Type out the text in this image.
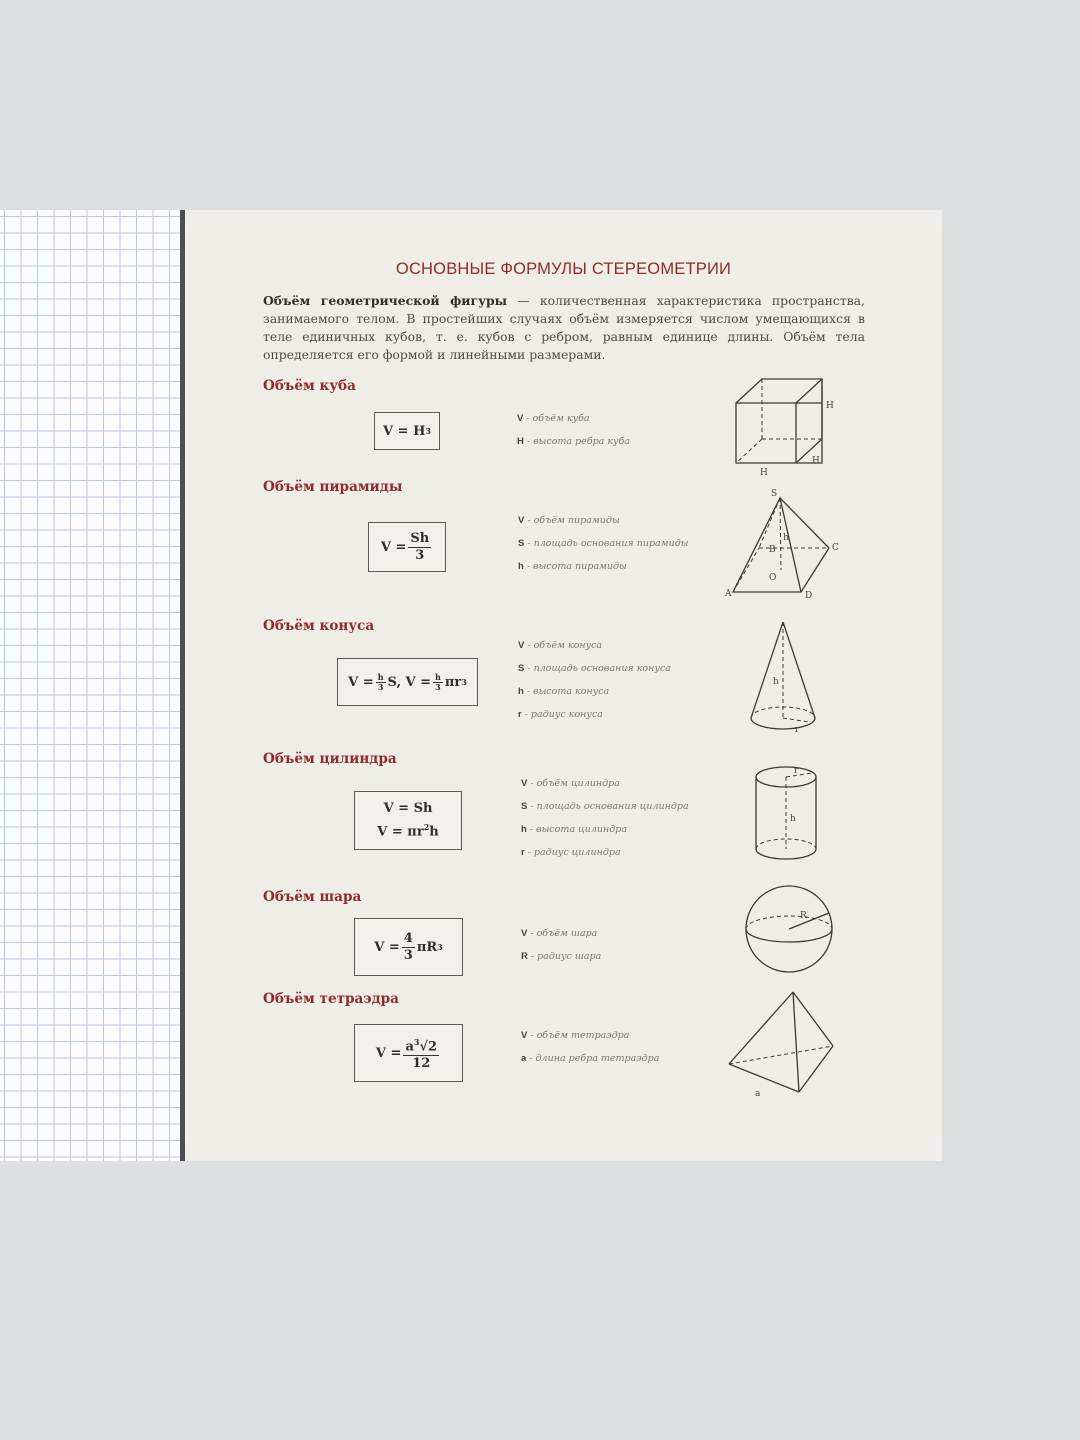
ОСНОВНЫЕ ФОРМУЛЫ СТЕРЕОМЕТРИИ
Объём геометрической фигуры — количественная характеристика пространства, занимаемого телом. В простейших случаях объём измеряется числом умещающихся в теле единичных кубов, т. е. кубов с ребром, равным единице длины. Объём тела определяется его формой и линейными размерами.
Объём куба
V
=
H 3
V - объём куба
H - высота ребра куба
H
H
H
Объём пирамиды
V
= $\frac{Sh}{3}$
V - объём пирамиды
S - площадь основания пирамиды
h - высота пирамиды
S
A
B	C
D
O
h
Объём конуса
V
= $\frac{h}{3} S$,
V
= $\frac{h}{3}$ πr 3
V - объём конуса
S - площадь основания конуса
h - высота конуса
r - радиус конуса
h
r
Объём цилиндра
V = Sh
$V = \pi r^2h$
V - объём цилиндра
S - площадь основания цилиндра
h - высота цилиндра
r - радиус цилиндра
h
r
Объём шара
V
= $\frac{4}{3}$ πR 3
V - объём шара
R - радиус шара
R
Объём тетраэдра
V
= $\frac{a^3√2}{12}$	V - объём тетраэдра
a - длина ребра тетраэдра
a
